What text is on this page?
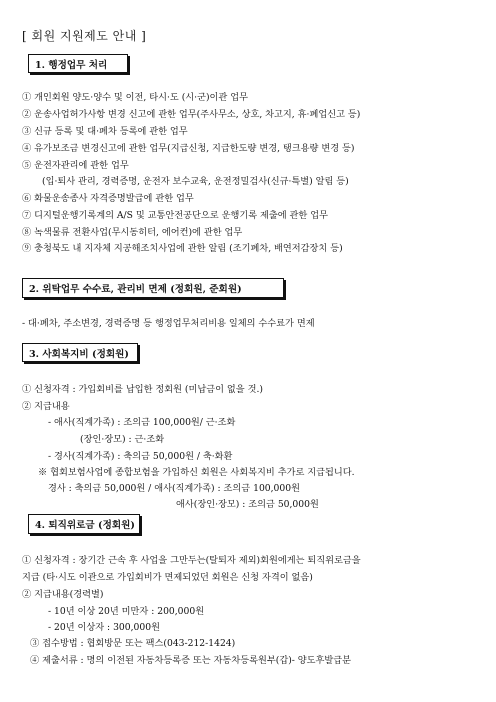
[ 회원 지원제도 안내 ]
1. 행정업무 처리
① 개인회원 양도·양수 및 이전, 타시·도 (시·군)이관 업무
② 운송사업허가사항 변경 신고에 관한 업무(주사무소, 상호, 차고지, 휴·폐업신고 등)
③ 신규 등록 및 대·폐차 등록에 관한 업무
④ 유가보조금 변경신고에 관한 업무(지급신청, 지급한도량 변경, 탱크용량 변경 등)
⑤ 운전자관리에 관한 업무
(입·퇴사 관리, 경력증명, 운전자 보수교육, 운전정밀검사(신규·특별) 알림 등)
⑥ 화물운송종사 자격증명발급에 관한 업무
⑦ 디지털운행기록계의 A/S 및 교통안전공단으로 운행기록 제출에 관한 업무
⑧ 녹색물류 전환사업(무시동히터, 에어컨)에 관한 업무
⑨ 충청북도 내 지자체 지공해조치사업에 관한 알림 (조기폐차, 배연저감장치 등)
2. 위탁업무 수수료, 관리비 면제 (정회원, 준회원)
- 대·폐차, 주소변경, 경력증명 등 행정업무처리비용 일체의 수수료가 면제
3. 사회복지비 (정회원)
① 신청자격 : 가입회비를 납입한 정회원 (미납금이 없을 것.)
② 지급내용
- 애사(직계가족) : 조의금 100,000원/ 근·조화
(장인·장모) : 근·조화
- 경사(직계가족) : 축의금 50,000원 / 축·화환
※ 협회보험사업에 종합보험을 가입하신 회원은 사회복지비 추가로 지급됩니다.
경사 : 축의금 50,000원 / 애사(직계가족) : 조의금 100,000원
애사(장인·장모) : 조의금 50,000원
4. 퇴직위로금 (정회원)
① 신청자격 : 장기간 근속 후 사업을 그만두는(탈퇴자 제외)회원에게는 퇴직위로금을
지급 (타·시도 이관으로 가입회비가 면제되었던 회원은 신청 자격이 없음)
② 지급내용(경력별)
- 10년 이상 20년 미만자 : 200,000원
- 20년 이상자 : 300,000원
③ 접수방법 : 협회방문 또는 팩스(043-212-1424)
④ 제출서류 : 명의 이전된 자동차등록증 또는 자동차등록원부(갑)- 양도후발급분
